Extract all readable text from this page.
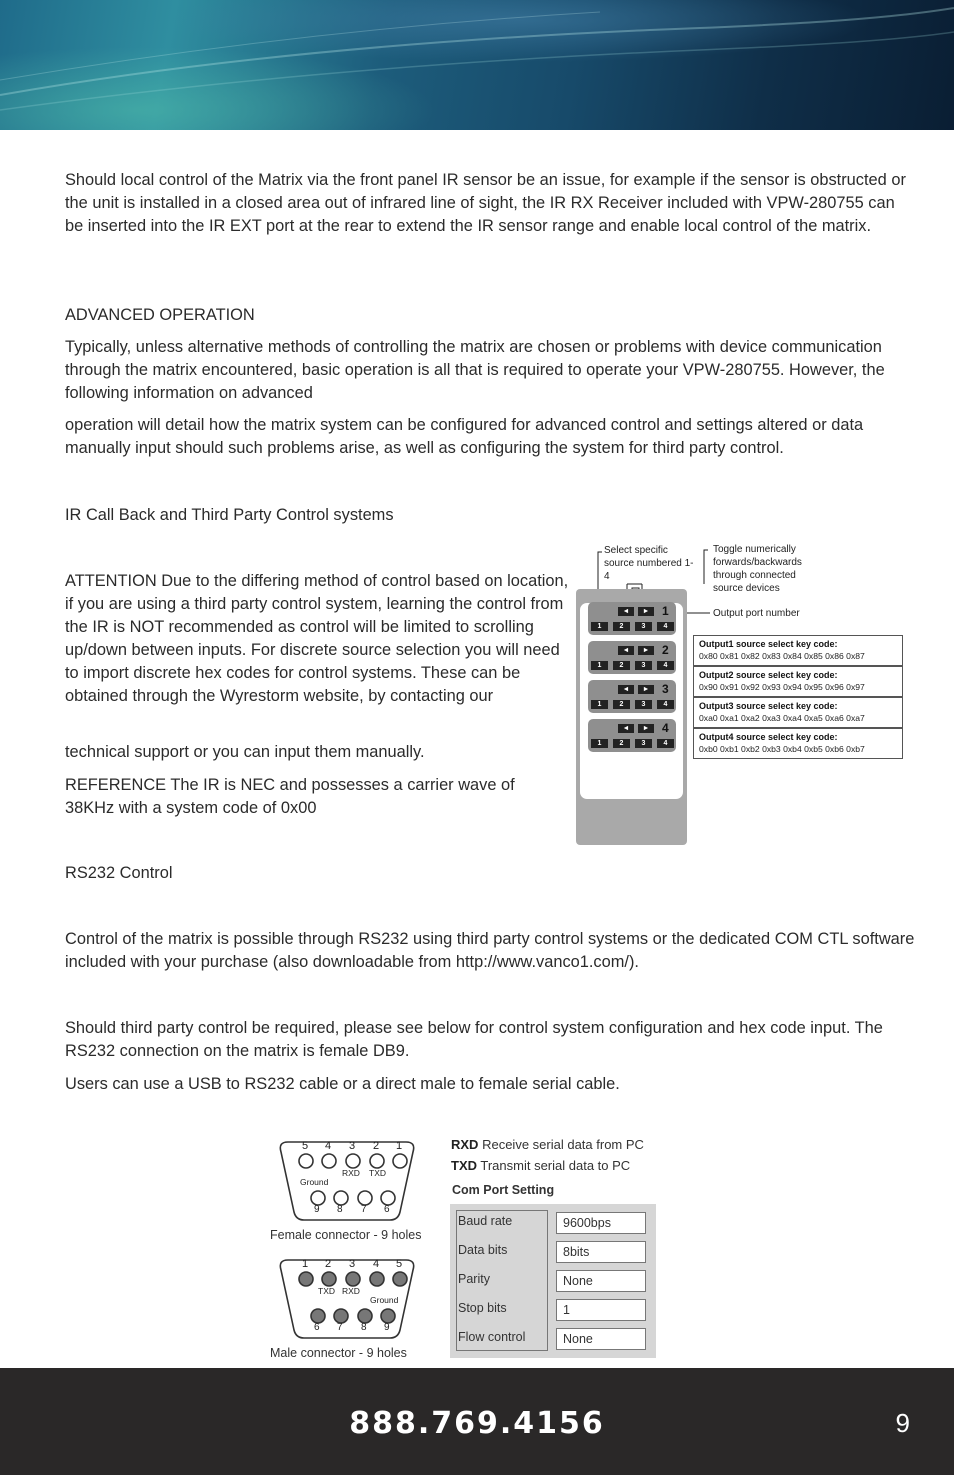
Should local control of the Matrix via the front panel IR sensor be an issue, for example if the sensor is obstructed or the unit is installed in a closed area out of infrared line of sight, the IR RX Receiver included with VPW-280755 can be inserted into the IR EXT port at the rear to extend the IR sensor range and enable local control of the matrix.
ADVANCED OPERATION
Typically, unless alternative methods of controlling the matrix are chosen or problems with device communication through the matrix encountered, basic operation is all that is required to operate your VPW-280755. However, the following information on advanced
operation will detail how the matrix system can be configured for advanced control and settings altered or data manually input should such problems arise, as well as configuring the system for third party control.
IR Call Back and Third Party Control systems
ATTENTION Due to the differing method of control based on location, if you are using a third party control system, learning the control from the IR is NOT recommended as control will be limited to scrolling up/down between inputs. For discrete source selection you will need to import discrete hex codes for control systems. These can be obtained through the Wyrestorm website, by contacting our
technical support or you can input them manually.
REFERENCE The IR is NEC and possesses a carrier wave of 38KHz with a system code of 0x00
Select specific source numbered 1-4
Toggle numerically forwards/backwards through connected source devices
Output port number
◄	►	1
1	2	3	4
◄	►	2
1	2	3	4
◄	►	3
1	2	3	4
◄	►	4
1	2	3	4
Output1 source select key code:
0x80 0x81 0x82 0x83 0x84 0x85 0x86 0x87
Output2 source select key code:
0x90 0x91 0x92 0x93 0x94 0x95 0x96 0x97
Output3 source select key code:
0xa0 0xa1 0xa2 0xa3 0xa4 0xa5 0xa6 0xa7
Output4 source select key code:
0xb0 0xb1 0xb2 0xb3 0xb4 0xb5 0xb6 0xb7
RS232 Control
Control of the matrix is possible through RS232 using third party control systems or the dedicated COM CTL software included with your purchase (also downloadable from http://www.vanco1.com/).
Should third party control be required, please see below for control system configuration and hex code input. The RS232 connection on the matrix is female DB9.
Users can use a USB to RS232 cable or a direct male to female serial cable.
5 4 3 2 1
RXD TXD
Ground
9 8 7 6
Female connector - 9 holes
1 2 3 4 5
TXD RXD
Ground
6 7 8 9
Male connector - 9 holes
RXD Receive serial data from PC
TXD Transmit serial data to PC
Com Port Setting
Baud rate	9600bps
Data bits	8bits
Parity	None
Stop bits	1
Flow control	None
888.769.4156	9
